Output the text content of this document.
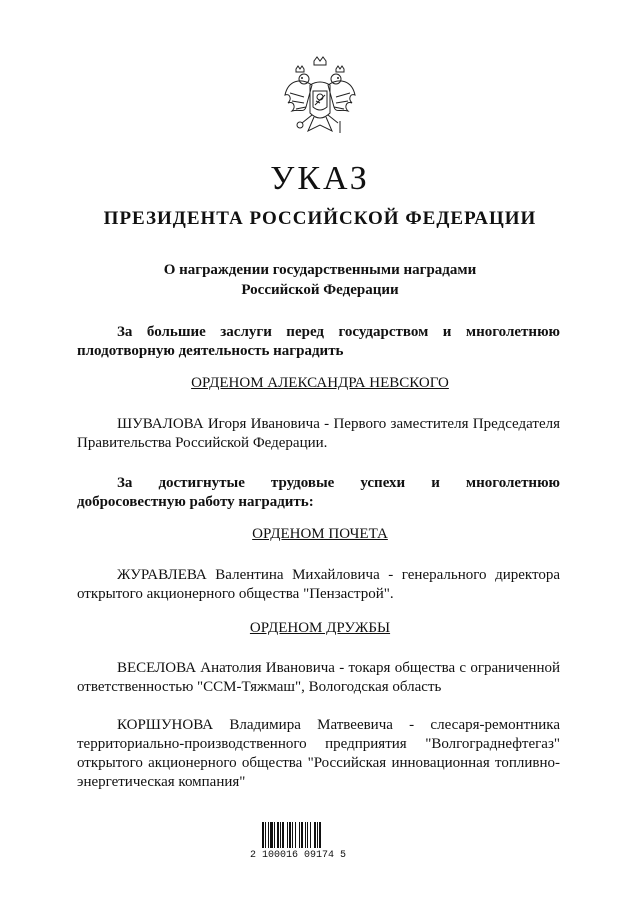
УКАЗ
ПРЕЗИДЕНТА РОССИЙСКОЙ ФЕДЕРАЦИИ

О награждении государственными наградами
Российской Федерации

За большие заслуги перед государством и многолетнюю плодотворную деятельность наградить

ОРДЕНОМ АЛЕКСАНДРА НЕВСКОГО

ШУВАЛОВА Игоря Ивановича - Первого заместителя Председателя Правительства Российской Федерации.

За достигнутые трудовые успехи и многолетнюю добросовестную работу наградить:

ОРДЕНОМ ПОЧЕТА

ЖУРАВЛЕВА Валентина Михайловича - генерального директора открытого акционерного общества "Пензастрой".

ОРДЕНОМ ДРУЖБЫ

ВЕСЕЛОВА Анатолия Ивановича - токаря общества с ограниченной ответственностью "ССМ-Тяжмаш", Вологодская область

КОРШУНОВА Владимира Матвеевича - слесаря-ремонтника территориально-производственного предприятия "Волгограднефтегаз" открытого акционерного общества "Российская инновационная топливно-энергетическая компания"

2 100016 09174 5
